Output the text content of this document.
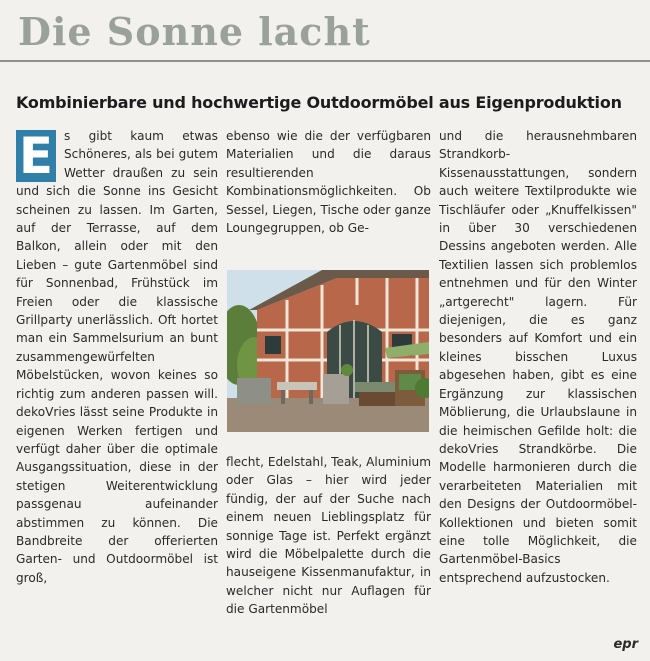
Die Sonne lacht
Kombinierbare und hochwertige Outdoormöbel aus Eigenproduktion
E s gibt kaum etwas Schöneres, als bei gutem Wetter draußen zu sein und sich die Sonne ins Gesicht scheinen zu lassen. Im Garten, auf der Terrasse, auf dem Balkon, allein oder mit den Lieben – gute Gartenmöbel sind für Sonnenbad, Frühstück im Freien oder die klassische Grillparty unerlässlich. Oft hortet man ein Sammelsurium an bunt zusammengewürfelten Möbelstücken, wovon keines so richtig zum anderen passen will. dekoVries lässt seine Produkte in eigenen Werken fertigen und verfügt daher über die optimale Ausgangssituation, diese in der stetigen Weiterentwicklung passgenau aufeinander abstimmen zu können. Die Bandbreite der offerierten Garten- und Outdoormöbel ist groß,

ebenso wie die der verfügbaren Materialien und die daraus resultierenden Kombinationsmöglichkeiten. Ob Sessel, Liegen, Tische oder ganze Loungegruppen, ob Ge-

flecht, Edelstahl, Teak, Aluminium oder Glas – hier wird jeder fündig, der auf der Suche nach einem neuen Lieblingsplatz für sonnige Tage ist. Perfekt ergänzt wird die Möbelpalette durch die hauseigene Kissenmanufaktur, in welcher nicht nur Auflagen für die Gartenmöbel

und die herausnehmbaren Strandkorb-Kissenausstattungen, sondern auch weitere Textilprodukte wie Tischläufer oder „Knuffelkissen" in über 30 verschiedenen Dessins angeboten werden. Alle Textilien lassen sich problemlos entnehmen und für den Winter „artgerecht" lagern. Für diejenigen, die es ganz besonders auf Komfort und ein kleines bisschen Luxus abgesehen haben, gibt es eine Ergänzung zur klassischen Möblierung, die Urlaubslaune in die heimischen Gefilde holt: die dekoVries Strandkörbe. Die Modelle harmonieren durch die verarbeiteten Materialien mit den Designs der Outdoormöbel-Kollektionen und bieten somit eine tolle Möglichkeit, die Gartenmöbel-Basics entsprechend aufzustocken.

epr
